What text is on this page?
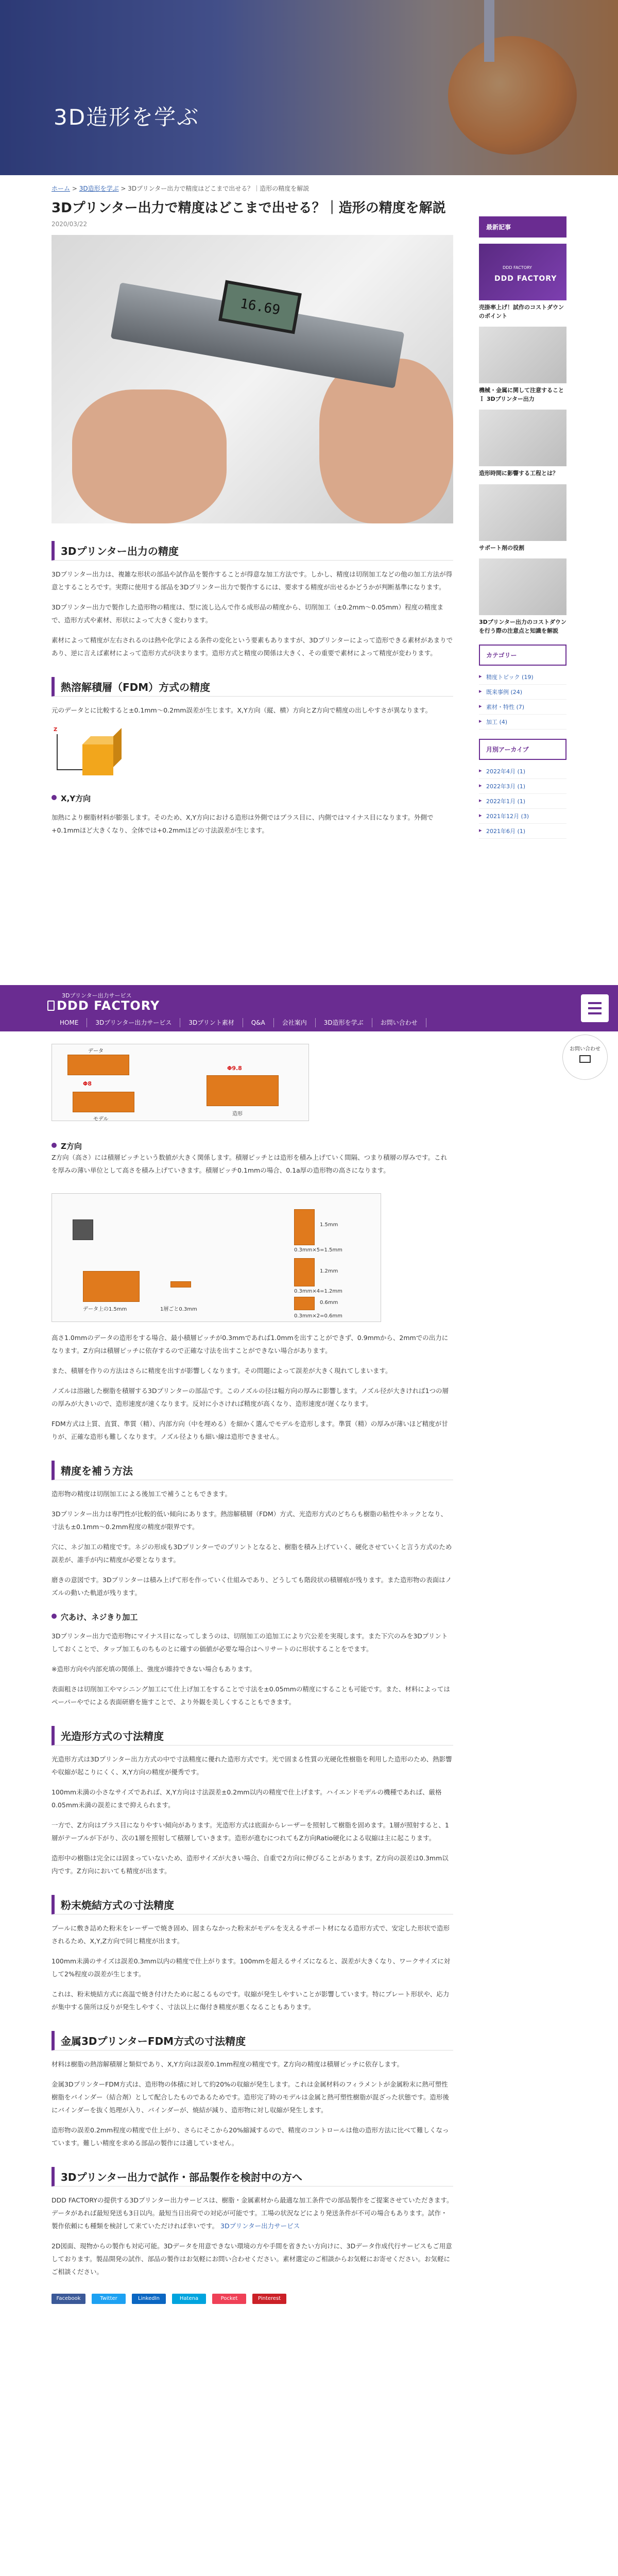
3D造形を学ぶ
ホーム > 3D造形を学ぶ > 3Dプリンター出力で精度はどこまで出せる？｜造形の精度を解説
3Dプリンター出力で精度はどこまで出せる？｜造形の精度を解説
2020/03/22
16.69
3Dプリンター出力の精度
3Dプリンター出力は、複雑な形状の部品や試作品を製作することが得意な加工方法です。しかし、精度は切削加工などの他の加工方法が得意とすることろです。実際に使用する部品を3Dプリンター出力で製作するには、要求する精度が出せるかどうかが判断基準になります。
3Dプリンター出力で製作した造形物の精度は、型に流し込んで作る成形品の精度から、切削加工（±0.2mm〜0.05mm）程度の精度まで、造形方式や素材、形状によって大きく変わります。
素材によって精度が左右されるのは熱や化学による条件の変化という要素もありますが、3Dプリンターによって造形できる素材があまりであり、逆に言えば素材によって造形方式が決まります。造形方式と精度の関係は大きく、その重要で素材によって精度が変わります。
熱溶解積層（FDM）方式の精度
元のデータとに比較すると±0.1mm〜0.2mm誤差が生じます。X,Y方向（縦、横）方向とZ方向で精度の出しやすさが異なります。
Z
X,Y方向
加熱により樹脂材料が膨張します。そのため、X,Y方向における造形は外側ではプラス目に、内側ではマイナス目になります。外側で+0.1mmほど大きくなり、全体では+0.2mmほどの寸法誤差が生じます。
3Dプリンター出力サービス
DDD FACTORY
HOME	3Dプリンター出力サービス	3Dプリント素材	Q&A	会社案内	3D造形を学ぶ	お問い合わせ
お問い合わせ
データ
Φ8
モデル
Φ9.8
造形
Z方向
Z方向（高さ）には積層ピッチという数値が大きく関係します。積層ピッチとは造形を積み上げていく間隔、つまり積層の厚みです。これを厚みの薄い単位として高さを積み上げていきます。積層ピッチ0.1mmの場合、0.1a厚の造形物の高さになります。
データ上の1.5mm	1層ごと0.3mm
1.5mm
0.3mm×5=1.5mm
1.2mm
0.3mm×4=1.2mm
0.6mm
0.3mm×2=0.6mm
高さ1.0mmのデータの造形をする場合、最小積層ピッチが0.3mmであれば1.0mmを出すことができず、0.9mmから、2mmでの出力になります。Z方向は積層ピッチに依存するので正確な寸法を出すことができない場合があります。
また、積層を作りの方法はさらに精度を出すが影響しくなります。その問題によって誤差が大きく現れてしまいます。
ノズルは溶融した樹脂を積層する3Dプリンターの部品です。このノズルの径は幅方向の厚みに影響します。ノズル径が大きければ1つの層の厚みが大きいので、造形速度が速くなります。反対に小さければ精度が高くなり、造形速度が遅くなります。
FDM方式は上質、直質、準質（精）、内部方向（中を埋める）を細かく選んでモデルを造形します。準質（精）の厚みが薄いほど精度が甘りが、正確な造形も難しくなります。ノズル径よりも細い線は造形できません。
精度を補う方法
造形物の精度は切削加工による後加工で補うこともできます。
3Dプリンター出力は専門性が比較的低い傾向にあります。熱溶解積層（FDM）方式、光造形方式のどちらも樹脂の粘性やネックとなり、寸法も±0.1mm〜0.2mm程度の精度が限界です。
穴に、ネジ加工の精度です。ネジの形成も3Dプリンターでのプリントとなると、樹脂を積み上げていく、硬化させていくと言う方式のため誤差が、誰手が内に精度が必要となります。
磨きの意図です。3Dプリンターは積み上げて形を作っていく仕組みであり、どうしても階段状の積層痕が残ります。また造形物の表面はノズルの動いた軌道が残ります。
穴あけ、ネジきり加工
3Dプリンター出力で造形物にマイナス目になってしまうのは、切削加工の追加工により穴公差を実現します。また下穴のみを3Dプリントしておくことで、タップ加工ものちものとに確すの価値が必要な場合はヘリサートのに形状することをでます。
※造形方向や内部充填の関係上、強度が維持できない場合もあります。
表面粗さは切削加工やマシニング加工にて仕上げ加工をすることで寸法を±0.05mmの精度にすることも可能です。また、材料によってはペーパーやでによる表面研磨を施すことで、より外観を美しくすることもできます。
光造形方式の寸法精度
光造形方式は3Dプリンター出力方式の中で寸法精度に優れた造形方式です。光で固まる性質の光硬化性樹脂を利用した造形のため、熱影響や収縮が起こりにくく、X,Y方向の精度が優秀です。
100mm未満の小さなサイズであれば、X,Y方向は寸法誤差±0.2mm以内の精度で仕上げます。ハイエンドモデルの機種であれば、厳格0.05mm未満の誤差にまで抑えられます。
一方で、Z方向はプラス目になりやすい傾向があります。光造形方式は底面からレーザーを照射して樹脂を固めます。1層が照射すると、1層がテーブルが下がり、次の1層を照射して積層していきます。造形が進むにつれてもZ方向Ratio硬化による収縮は主に起こります。
造形中の樹脂は完全には固まっていないため、造形サイズが大きい場合、自重で2方向に伸びることがあります。Z方向の誤差は0.3mm以内です。Z方向においても精度が出ます。
粉末焼結方式の寸法精度
プールに敷き詰めた粉末をレーザーで焼き固め、固まらなかった粉末がモデルを支えるサポート材になる造形方式で、安定した形状で造形されるため、X,Y,Z方向で同じ精度が出ます。
100mm未満のサイズは誤差0.3mm以内の精度で仕上がります。100mmを超えるサイズになると、誤差が大きくなり、ワークサイズに対して2%程度の誤差が生じます。
これは、粉末焼結方式に高温で焼き付けたために起こるものです。収縮が発生しやすいことが影響しています。特にプレート形状や、応力が集中する箇所は反りが発生しやすく、寸法以上に傷付き精度が悪くなることもあります。
金属3DプリンターFDM方式の寸法精度
材料は樹脂の熱溶解積層と類似であり、X,Y方向は誤差0.1mm程度の精度です。Z方向の精度は積層ピッチに依存します。
金属3DプリンターFDM方式は、造形物の体積に対して約20%の収縮が発生します。これは金属材料のフィラメントが金属粉末に熱可塑性樹脂をバインダー（結合剤）として配合したものであるためです。造形完了時のモデルは金属と熱可塑性樹脂が混ざった状態です。造形後にバインダーを抜く処理が入り、バインダーが、焼結が減り、造形物に対し収縮が発生します。
造形物の誤差0.2mm程度の精度で仕上がり、さらにそこから20%縮減するので、精度のコントロールは他の造形方法に比べて難しくなっています。難しい精度を求める部品の製作には適していません。
3Dプリンター出力で試作・部品製作を検討中の方へ
DDD FACTORYの提供する3Dプリンター出力サービスは、樹脂・金属素材から最適な加工条件での部品製作をご提案させていただきます。データがあれば最短発送も3日以内。最短当日出荷での対応が可能です。工場の状況などにより発送条件が不可の場合もあります。試作・製作依頼にも種類を検討して来ていただければ幸いです。 3Dプリンター出力サービス
2D図面、現物からの製作も対応可能。3Dデータを用意できない環境の方や手間を省きたい方向けに、3Dデータ作成代行サービスもご用意しております。製品開発の試作、部品の製作はお気軽にお問い合わせください。素材選定のご相談からお気軽にお寄せください。お気軽にご相談ください。
Facebook	Twitter	LinkedIn	Hatena	Pocket	Pinterest
最新記事
DDD FACTORY
DDD FACTORY
売掛率上げ！試作のコストダウンのポイント
機械・金属に関して注意することＩ 3Dプリンター出力
造形時間に影響する工程とは？
サポート剤の役割
3Dプリンター出力のコストダウンを行う際の注意点と知識を解説
カテゴリー
▸ 精度トピック (19)
▸ 既来事例 (24)
▸ 素材・特性 (7)
▸ 加工 (4)
月別アーカイブ
▸ 2022年4月 (1)
▸ 2022年3月 (1)
▸ 2022年1月 (1)
▸ 2021年12月 (3)
▸ 2021年6月 (1)
